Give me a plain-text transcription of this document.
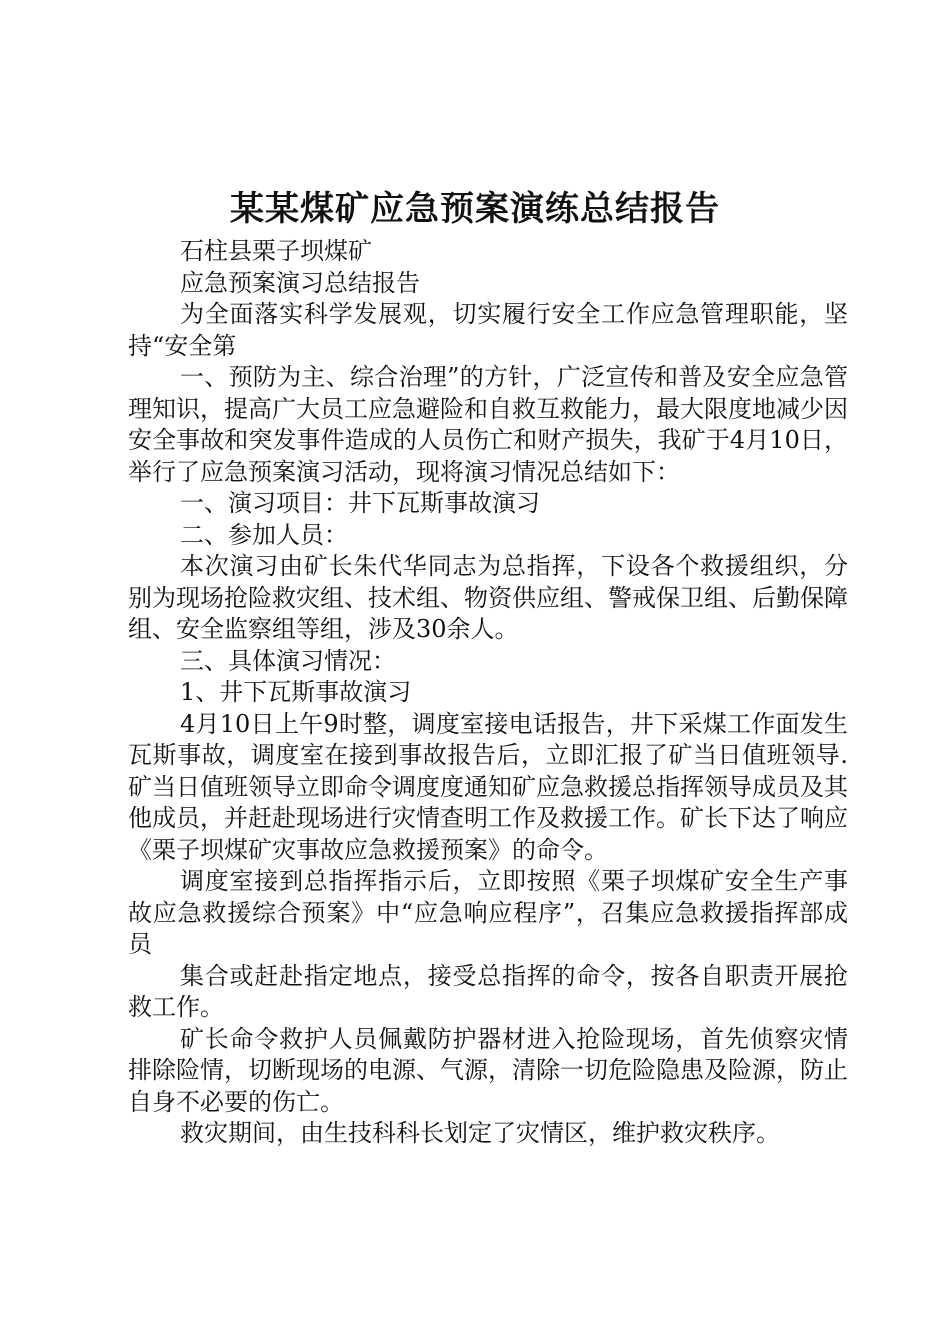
某某煤矿应急预案演练总结报告

石柱县栗子坝煤矿

应急预案演习总结报告

为全面落实科学发展观，切实履行安全工作应急管理职能，坚持“安全第

一、预防为主、综合治理”的方针，广泛宣传和普及安全应急管理知识，提高广大员工应急避险和自救互救能力，最大限度地减少因安全事故和突发事件造成的人员伤亡和财产损失，我矿于4月10日，举行了应急预案演习活动，现将演习情况总结如下：

一、演习项目：井下瓦斯事故演习

二、参加人员：

本次演习由矿长朱代华同志为总指挥，下设各个救援组织，分别为现场抢险救灾组、技术组、物资供应组、警戒保卫组、后勤保障组、安全监察组等组，涉及30余人。

三、具体演习情况：

1、井下瓦斯事故演习

4月10日上午9时整，调度室接电话报告，井下采煤工作面发生瓦斯事故，调度室在接到事故报告后，立即汇报了矿当日值班领导.矿当日值班领导立即命令调度度通知矿应急救援总指挥领导成员及其他成员，并赶赴现场进行灾情查明工作及救援工作。矿长下达了响应《栗子坝煤矿灾事故应急救援预案》的命令。

调度室接到总指挥指示后，立即按照《栗子坝煤矿安全生产事故应急救援综合预案》中“应急响应程序”，召集应急救援指挥部成员

集合或赶赴指定地点，接受总指挥的命令，按各自职责开展抢救工作。

矿长命令救护人员佩戴防护器材进入抢险现场，首先侦察灾情排除险情，切断现场的电源、气源，清除一切危险隐患及险源，防止自身不必要的伤亡。

救灾期间，由生技科科长划定了灾情区，维护救灾秩序。
